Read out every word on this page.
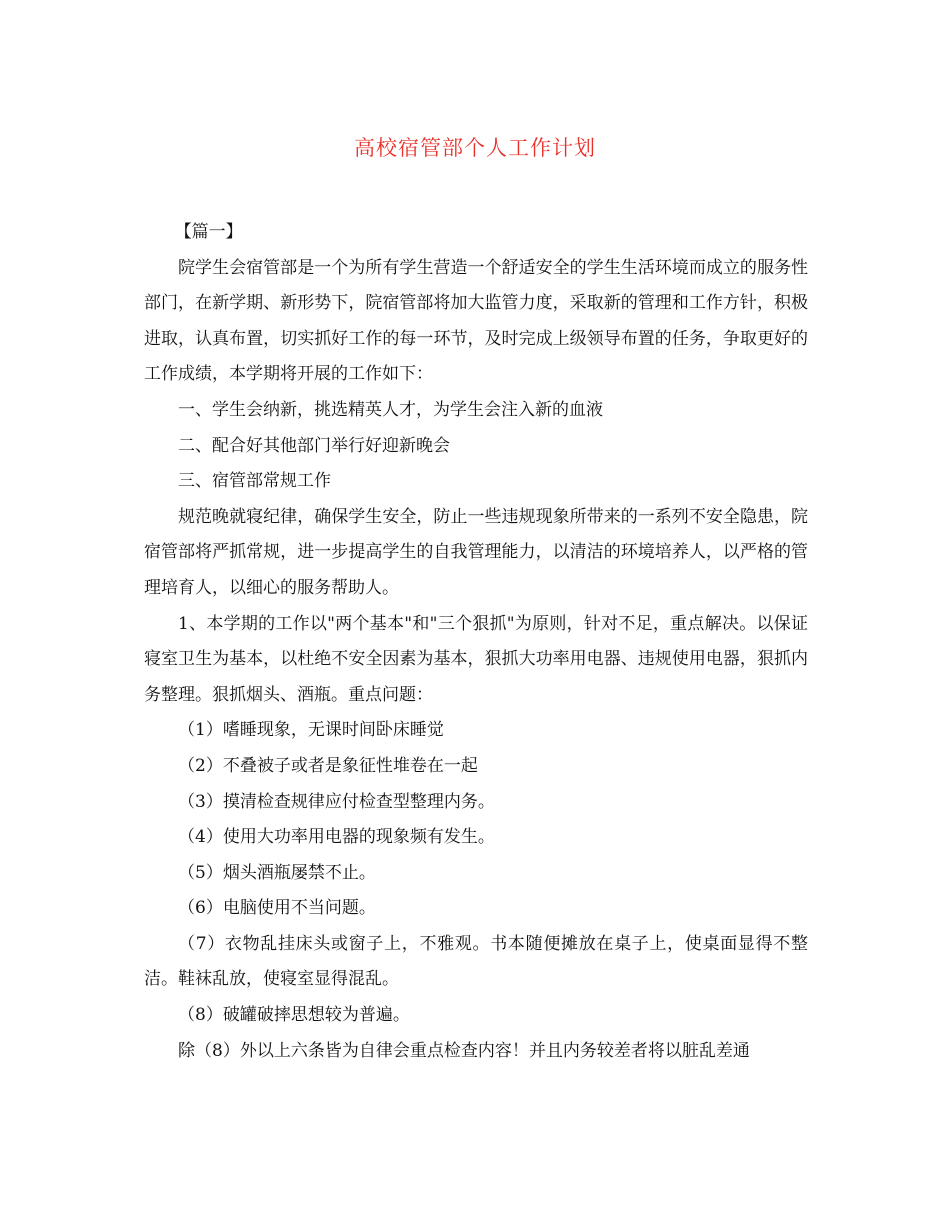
高校宿管部个人工作计划

【篇一】

院学生会宿管部是一个为所有学生营造一个舒适安全的学生生活环境而成立的服务性部门，在新学期、新形势下，院宿管部将加大监管力度，采取新的管理和工作方针，积极进取，认真布置，切实抓好工作的每一环节，及时完成上级领导布置的任务，争取更好的工作成绩，本学期将开展的工作如下：

一、学生会纳新，挑选精英人才，为学生会注入新的血液

二、配合好其他部门举行好迎新晚会

三、宿管部常规工作

规范晚就寝纪律，确保学生安全，防止一些违规现象所带来的一系列不安全隐患，院宿管部将严抓常规，进一步提高学生的自我管理能力，以清洁的环境培养人，以严格的管理培育人，以细心的服务帮助人。

1、本学期的工作以"两个基本"和"三个狠抓"为原则，针对不足，重点解决。以保证寝室卫生为基本，以杜绝不安全因素为基本，狠抓大功率用电器、违规使用电器，狠抓内务整理。狠抓烟头、酒瓶。重点问题：

（1）嗜睡现象，无课时间卧床睡觉

（2）不叠被子或者是象征性堆卷在一起

（3）摸清检查规律应付检查型整理内务。

（4）使用大功率用电器的现象频有发生。

（5）烟头酒瓶屡禁不止。

（6）电脑使用不当问题。

（7）衣物乱挂床头或窗子上，不雅观。书本随便摊放在桌子上，使桌面显得不整洁。鞋袜乱放，使寝室显得混乱。

（8）破罐破摔思想较为普遍。

除（8）外以上六条皆为自律会重点检查内容！并且内务较差者将以脏乱差通
